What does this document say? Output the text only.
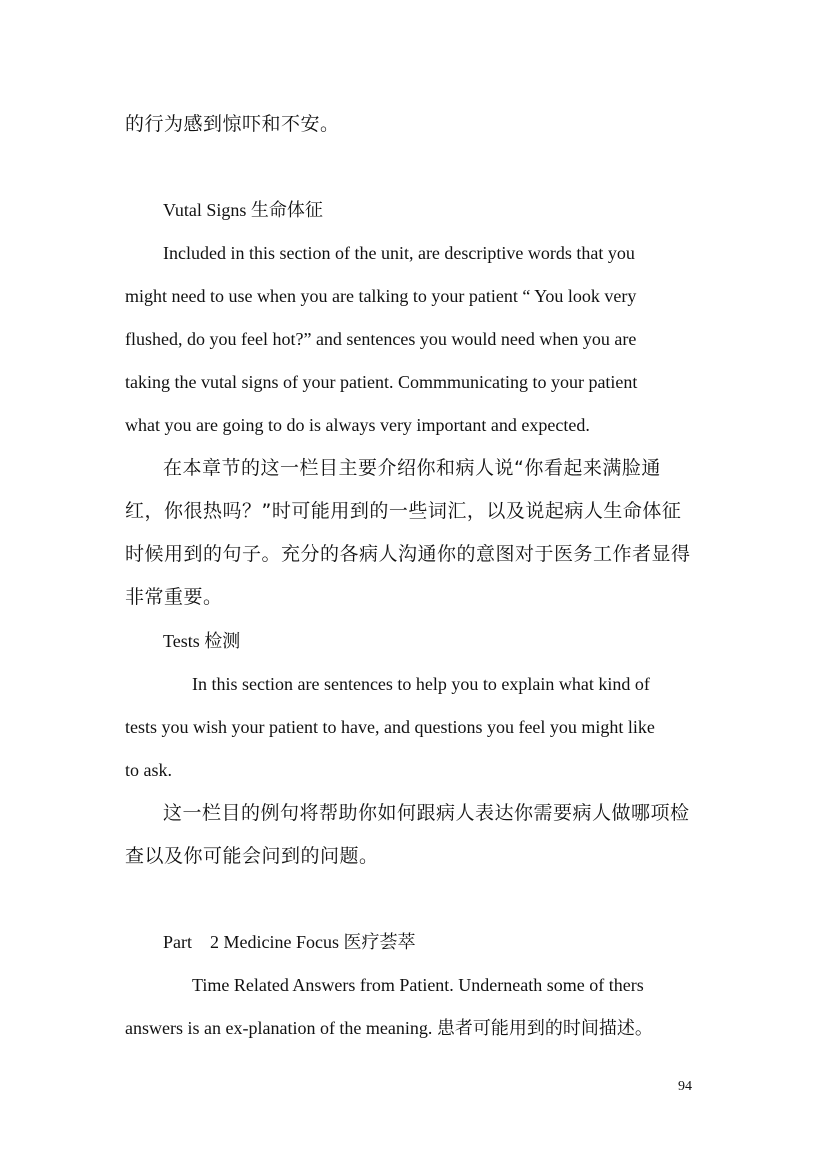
的行为感到惊吓和不安。
Vutal Signs 生命体征
Included in this section of the unit, are descriptive words that you
might need to use when you are talking to your patient “ You look very
flushed, do you feel hot?” and sentences you would need when you are
taking the vutal signs of your patient. Commmunicating to your patient
what you are going to do is always very important and expected.
在本章节的这一栏目主要介绍你和病人说“你看起来满脸通
红，你很热吗？”时可能用到的一些词汇，以及说起病人生命体征
时候用到的句子。充分的各病人沟通你的意图对于医务工作者显得
非常重要。
Tests 检测
In this section are sentences to help you to explain what kind of
tests you wish your patient to have, and questions you feel you might like
to ask.
这一栏目的例句将帮助你如何跟病人表达你需要病人做哪项检
查以及你可能会问到的问题。
Part　2 Medicine Focus 医疗荟萃
Time Related Answers from Patient. Underneath some of thers
answers is an ex-planation of the meaning. 患者可能用到的时间描述。
94
